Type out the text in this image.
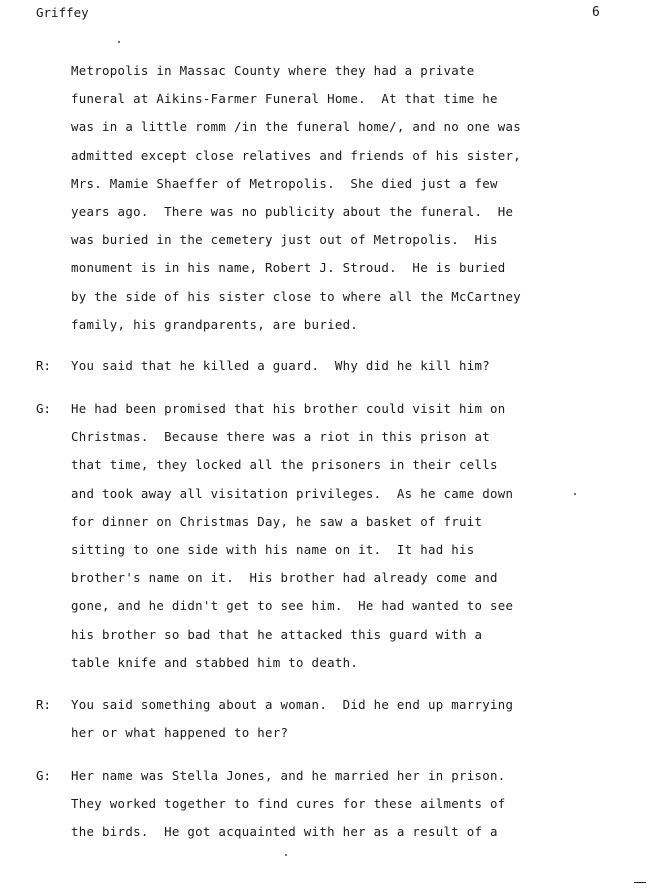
Griffey	6
Metropolis in Massac County where they had a private
funeral at Aikins-Farmer Funeral Home.  At that time he
was in a little romm /in the funeral home/, and no one was
admitted except close relatives and friends of his sister,
Mrs. Mamie Shaeffer of Metropolis.  She died just a few
years ago.  There was no publicity about the funeral.  He
was buried in the cemetery just out of Metropolis.  His
monument is in his name, Robert J. Stroud.  He is buried
by the side of his sister close to where all the McCartney
family, his grandparents, are buried.
R: You said that he killed a guard.  Why did he kill him?
G: He had been promised that his brother could visit him on
Christmas.  Because there was a riot in this prison at
that time, they locked all the prisoners in their cells
and took away all visitation privileges.  As he came down
for dinner on Christmas Day, he saw a basket of fruit
sitting to one side with his name on it.  It had his
brother's name on it.  His brother had already come and
gone, and he didn't get to see him.  He had wanted to see
his brother so bad that he attacked this guard with a
table knife and stabbed him to death.
R: You said something about a woman.  Did he end up marrying
her or what happened to her?
G: Her name was Stella Jones, and he married her in prison.
They worked together to find cures for these ailments of
the birds.  He got acquainted with her as a result of a
